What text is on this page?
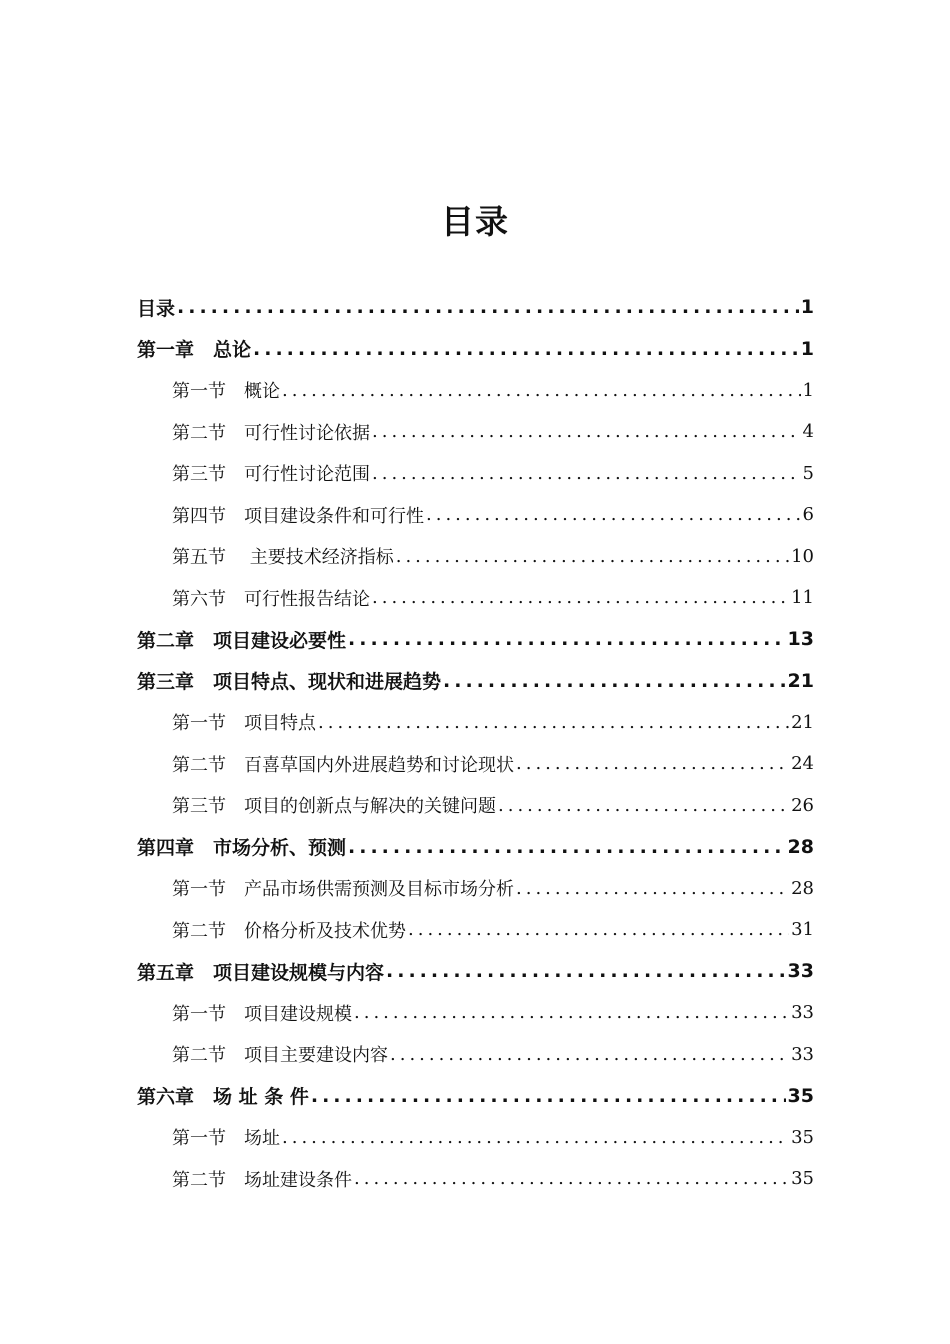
目录
目录 .....	1
第一章　总论 .....	1
第一节　概论 .....	1
第二节　可行性讨论依据 .....	4
第三节　可行性讨论范围 .....	5
第四节　项目建设条件和可行性 .....	6
第五节　 主要技术经济指标 .....	10
第六节　可行性报告结论 .....	11
第二章　项目建设必要性 .....	13
第三章　项目特点、现状和进展趋势 .....	21
第一节　项目特点 .....	21
第二节　百喜草国内外进展趋势和讨论现状 .....	24
第三节　项目的创新点与解决的关键问题 .....	26
第四章　市场分析、预测 .....	28
第一节　产品市场供需预测及目标市场分析 .....	28
第二节　价格分析及技术优势 .....	31
第五章　项目建设规模与内容 .....	33
第一节　项目建设规模 .....	33
第二节　项目主要建设内容 .....	33
第六章　场 址 条 件 .....	35
第一节　场址 .....	35
第二节　场址建设条件 .....	35
